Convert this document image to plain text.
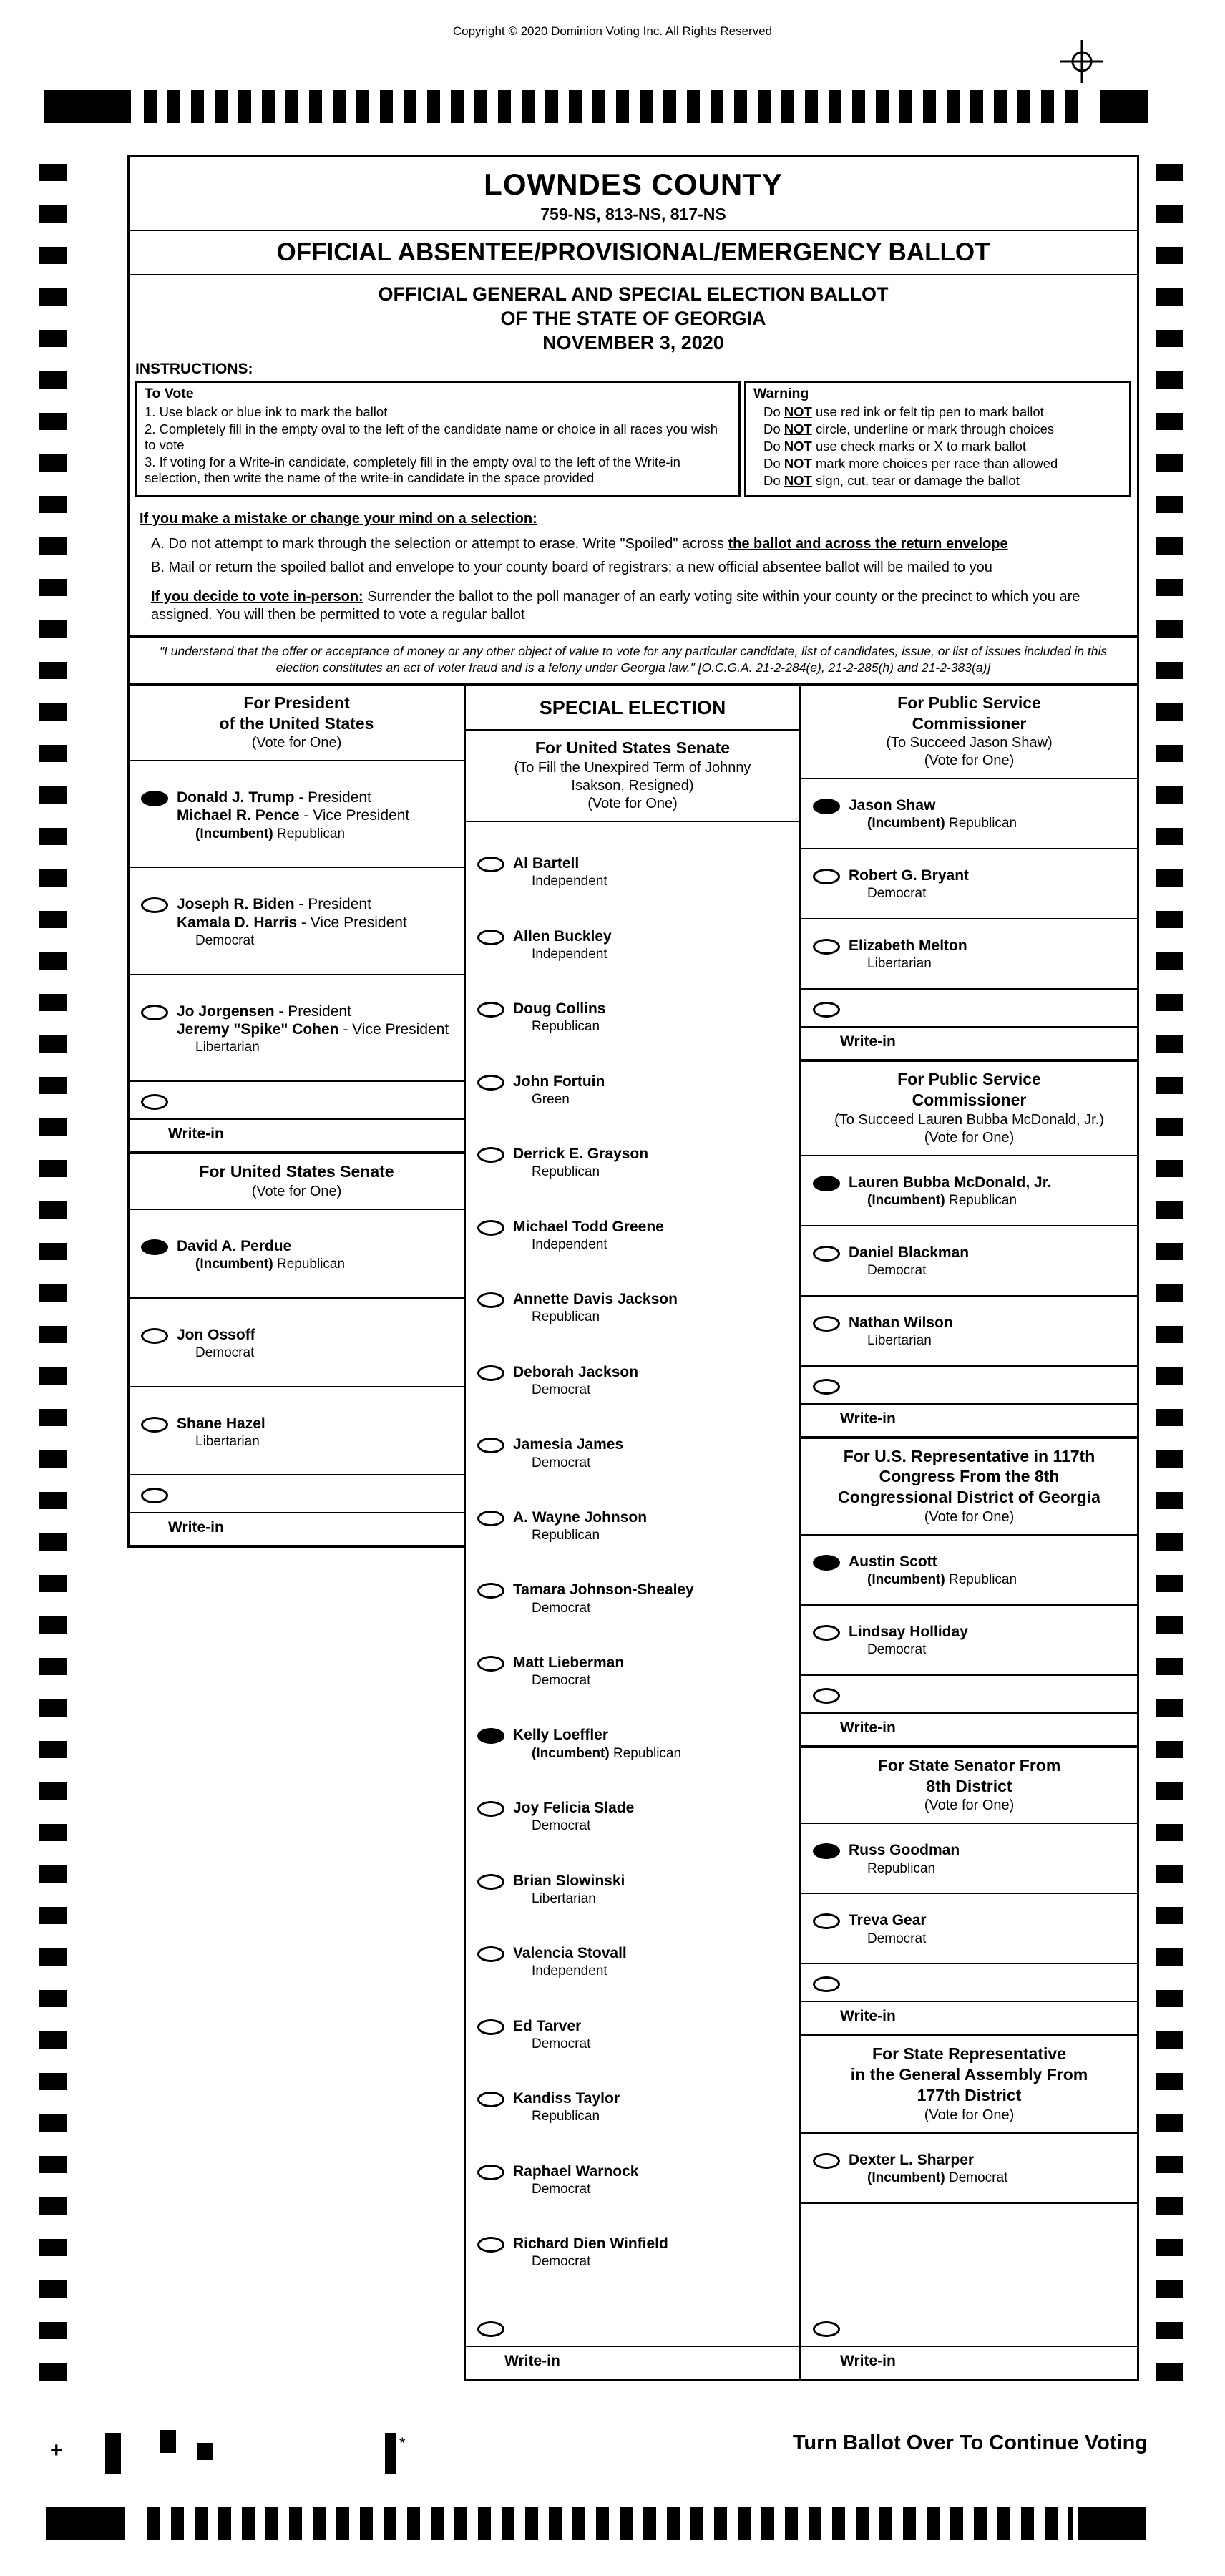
Copyright © 2020 Dominion Voting Inc. All Rights Reserved
LOWNDES COUNTY
759-NS, 813-NS, 817-NS
OFFICIAL ABSENTEE/PROVISIONAL/EMERGENCY BALLOT
OFFICIAL GENERAL AND SPECIAL ELECTION BALLOT
OF THE STATE OF GEORGIA
NOVEMBER 3, 2020
INSTRUCTIONS:
To Vote
1. Use black or blue ink to mark the ballot
2. Completely fill in the empty oval to the left of the candidate name or choice in all races you wish to vote
3. If voting for a Write-in candidate, completely fill in the empty oval to the left of the Write-in selection, then write the name of the write-in candidate in the space provided
Warning
Do NOT use red ink or felt tip pen to mark ballot
Do NOT circle, underline or mark through choices
Do NOT use check marks or X to mark ballot
Do NOT mark more choices per race than allowed
Do NOT sign, cut, tear or damage the ballot
If you make a mistake or change your mind on a selection:
A. Do not attempt to mark through the selection or attempt to erase. Write "Spoiled" across the ballot and across the return envelope
B. Mail or return the spoiled ballot and envelope to your county board of registrars; a new official absentee ballot will be mailed to you
If you decide to vote in-person: Surrender the ballot to the poll manager of an early voting site within your county or the precinct to which you are assigned. You will then be permitted to vote a regular ballot
"I understand that the offer or acceptance of money or any other object of value to vote for any particular candidate, list of candidates, issue, or list of issues included in this election constitutes an act of voter fraud and is a felony under Georgia law." [O.C.G.A. 21-2-284(e), 21-2-285(h) and 21-2-383(a)]
For President
of the United States
(Vote for One)
Donald J. Trump - President
Michael R. Pence - Vice President
(Incumbent) Republican
Joseph R. Biden - President
Kamala D. Harris - Vice President
Democrat
Jo Jorgensen - President
Jeremy "Spike" Cohen - Vice President
Libertarian
Write-in
For United States Senate
(Vote for One)
David A. Perdue
(Incumbent) Republican
Jon Ossoff
Democrat
Shane Hazel
Libertarian
Write-in
SPECIAL ELECTION
For United States Senate
(To Fill the Unexpired Term of Johnny
Isakson, Resigned)
(Vote for One)
Al Bartell
Independent
Allen Buckley
Independent
Doug Collins
Republican
John Fortuin
Green
Derrick E. Grayson
Republican
Michael Todd Greene
Independent
Annette Davis Jackson
Republican
Deborah Jackson
Democrat
Jamesia James
Democrat
A. Wayne Johnson
Republican
Tamara Johnson-Shealey
Democrat
Matt Lieberman
Democrat
Kelly Loeffler
(Incumbent) Republican
Joy Felicia Slade
Democrat
Brian Slowinski
Libertarian
Valencia Stovall
Independent
Ed Tarver
Democrat
Kandiss Taylor
Republican
Raphael Warnock
Democrat
Richard Dien Winfield
Democrat
Write-in
For Public Service
Commissioner
(To Succeed Jason Shaw)
(Vote for One)
Jason Shaw
(Incumbent) Republican
Robert G. Bryant
Democrat
Elizabeth Melton
Libertarian
Write-in
For Public Service
Commissioner
(To Succeed Lauren Bubba McDonald, Jr.)
(Vote for One)
Lauren Bubba McDonald, Jr.
(Incumbent) Republican
Daniel Blackman
Democrat
Nathan Wilson
Libertarian
Write-in
For U.S. Representative in 117th
Congress From the 8th
Congressional District of Georgia
(Vote for One)
Austin Scott
(Incumbent) Republican
Lindsay Holliday
Democrat
Write-in
For State Senator From
8th District
(Vote for One)
Russ Goodman
Republican
Treva Gear
Democrat
Write-in
For State Representative
in the General Assembly From
177th District
(Vote for One)
Dexter L. Sharper
(Incumbent) Democrat
Write-in
Turn Ballot Over To Continue Voting
+	*
